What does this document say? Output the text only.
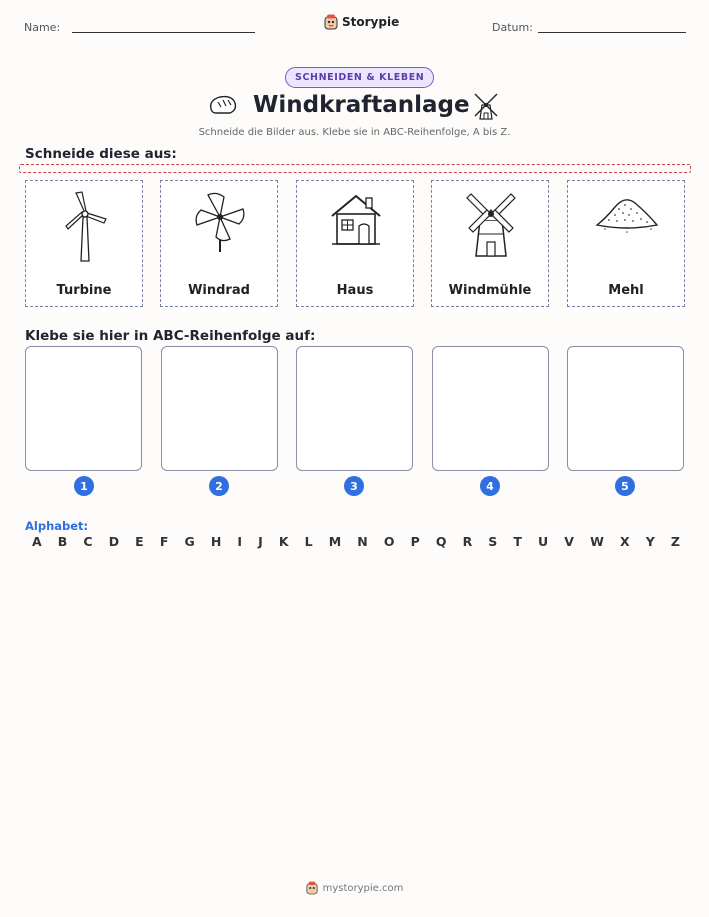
Name:	Storypie	Datum:
SCHNEIDEN & KLEBEN
Windkraftanlage
Schneide die Bilder aus. Klebe sie in ABC-Reihenfolge, A bis Z.
Schneide diese aus:
Turbine	Windrad	Haus	Windmühle	Mehl
Klebe sie hier in ABC-Reihenfolge auf:
1	2	3	4	5
Alphabet:
A B C D E F G H I J K L M N O P Q R S T U V W X Y Z
mystorypie.com
